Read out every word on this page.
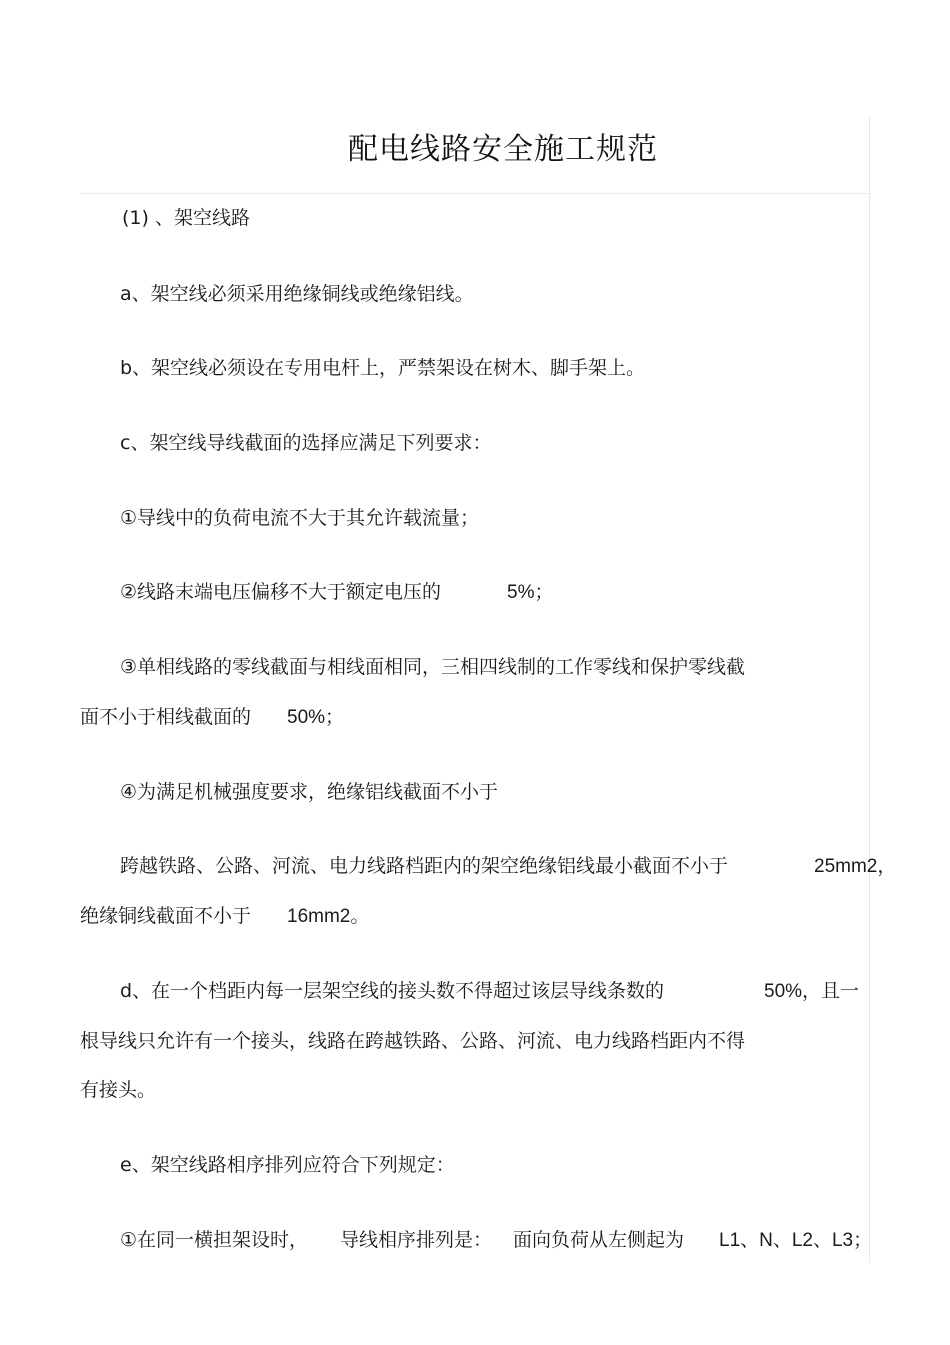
配电线路安全施工规范
(1) 、架空线路
a、架空线必须采用绝缘铜线或绝缘铝线。
b、架空线必须设在专用电杆上，严禁架设在树木、脚手架上。
c、架空线导线截面的选择应满足下列要求：
①导线中的负荷电流不大于其允许载流量；
②线路末端电压偏移不大于额定电压的	5%；
③单相线路的零线截面与相线面相同，三相四线制的工作零线和保护零线截
面不小于相线截面的 50%；
④为满足机械强度要求，绝缘铝线截面不小于
跨越铁路、公路、河流、电力线路档距内的架空绝缘铝线最小截面不小于	25mm2，
绝缘铜线截面不小于 16mm2。
d、在一个档距内每一层架空线的接头数不得超过该层导线条数的	50%，且一
根导线只允许有一个接头，线路在跨越铁路、公路、河流、电力线路档距内不得
有接头。
e、架空线路相序排列应符合下列规定：
①在同一横担架设时， 导线相序排列是： 面向负荷从左侧起为 L1、N、L2、L3；
